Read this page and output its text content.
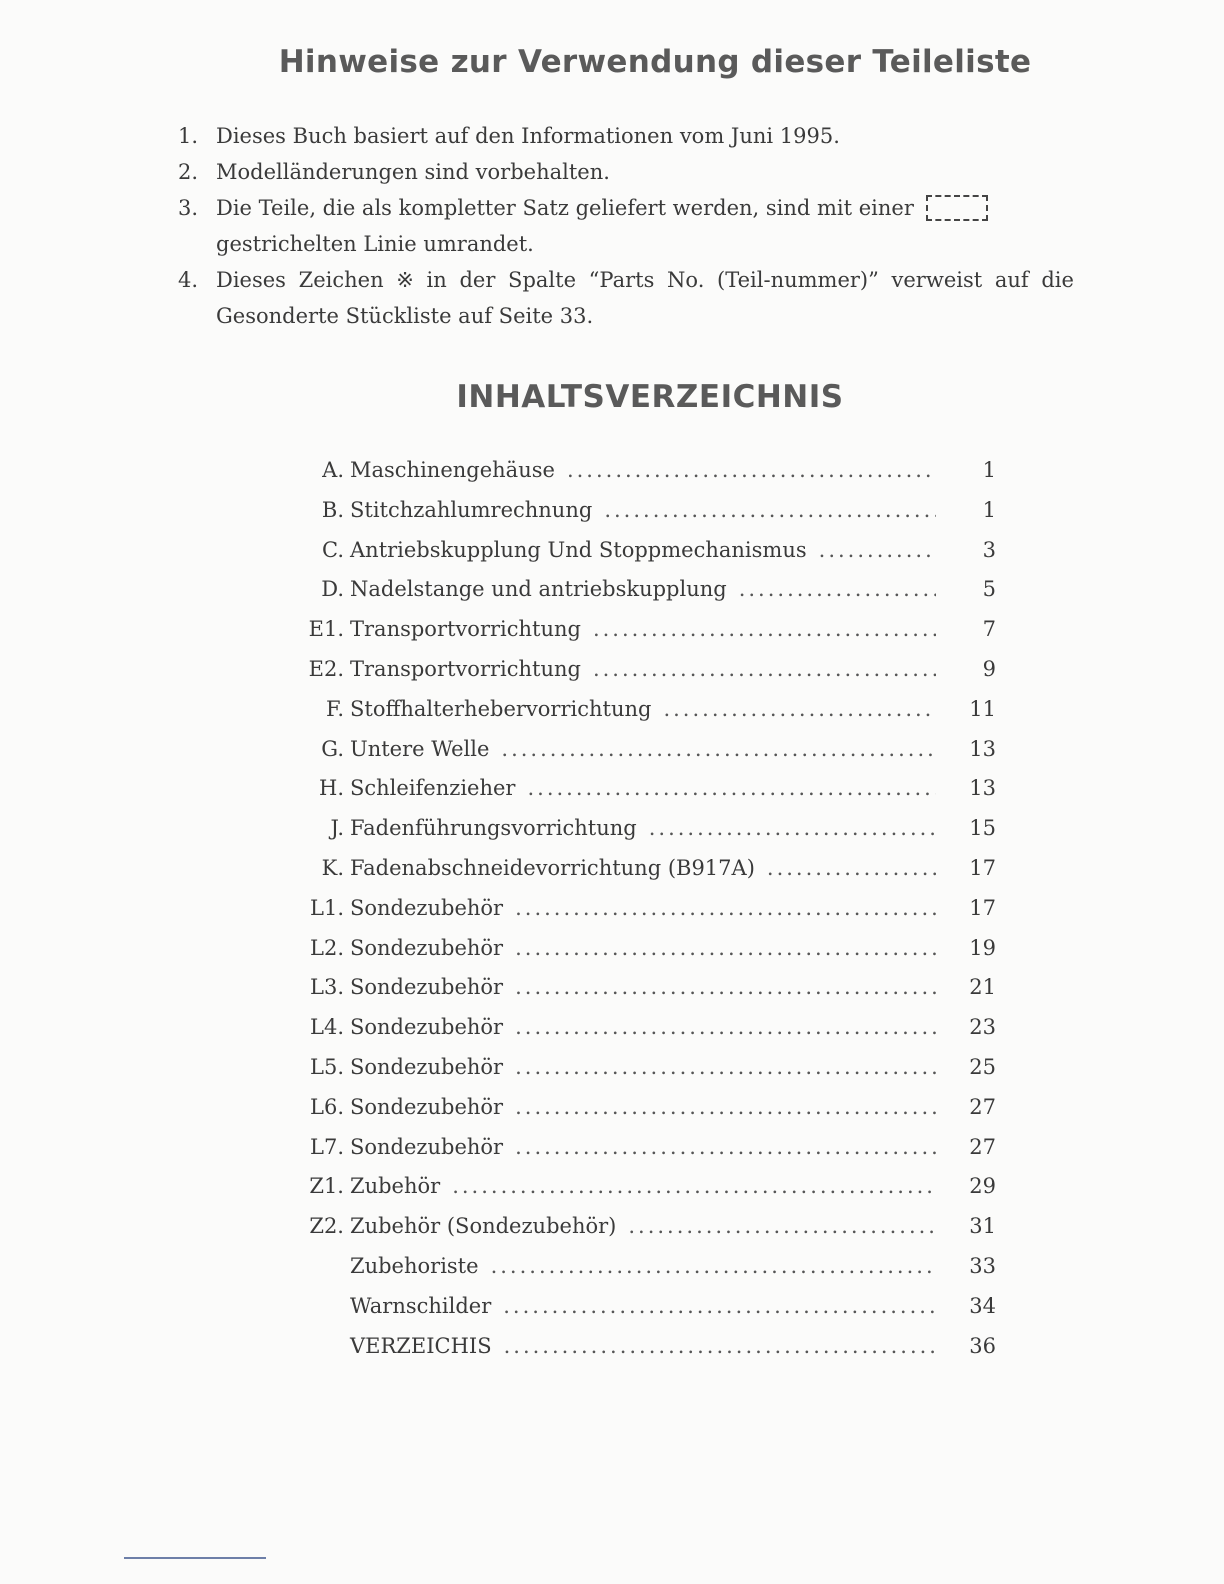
Hinweise zur Verwendung dieser Teileliste
1. Dieses Buch basiert auf den Informationen vom Juni 1995.
2. Modelländerungen sind vorbehalten.
3. Die Teile, die als kompletter Satz geliefert werden, sind mit einer
gestrichelten Linie umrandet.
4. Dieses Zeichen ※ in der Spalte “Parts No. (Teil-nummer)” verweist auf die
Gesonderte Stückliste auf Seite 33.
INHALTSVERZEICHNIS
A. Maschinengehäuse .....	1
B. Stitchzahlumrechnung .....	1
C. Antriebskupplung Und Stoppmechanismus .....	3
D. Nadelstange und antriebskupplung .....	5
E1. Transportvorrichtung .....	7
E2. Transportvorrichtung .....	9
F. Stoffhalterhebervorrichtung .....	11
G. Untere Welle .....	13
H. Schleifenzieher .....	13
J. Fadenführungsvorrichtung .....	15
K. Fadenabschneidevorrichtung (B917A) .....	17
L1. Sondezubehör .....	17
L2. Sondezubehör .....	19
L3. Sondezubehör .....	21
L4. Sondezubehör .....	23
L5. Sondezubehör .....	25
L6. Sondezubehör .....	27
L7. Sondezubehör .....	27
Z1. Zubehör .....	29
Z2. Zubehör (Sondezubehör) .....	31
Zubehoriste .....	33
Warnschilder .....	34
VERZEICHIS .....	36
